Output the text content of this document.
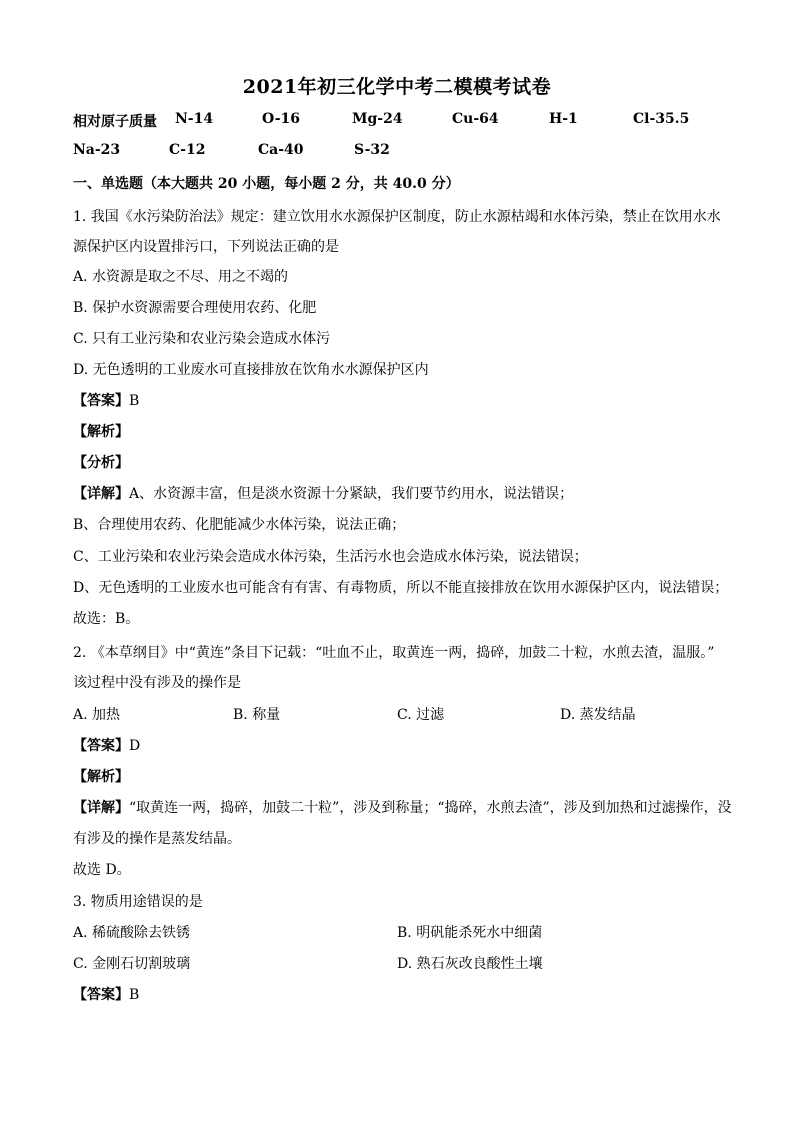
2021年初三化学中考二模模考试卷
相对原子质量 N-14	O-16	Mg-24	Cu-64	H-1	Cl-35.5
Na-23	C-12	Ca-40	S-32
一、单选题（本大题共 20 小题，每小题 2 分，共 40.0 分）
1. 我国《水污染防治法》规定：建立饮用水水源保护区制度，防止水源枯竭和水体污染，禁止在饮用水水
源保护区内设置排污口，下列说法正确的是
A. 水资源是取之不尽、用之不竭的
B. 保护水资源需要合理使用农药、化肥
C. 只有工业污染和农业污染会造成水体污
D. 无色透明的工业废水可直接排放在饮角水水源保护区内
【答案】B
【解析】
【分析】
【详解】A、水资源丰富，但是淡水资源十分紧缺，我们要节约用水，说法错误；
B、合理使用农药、化肥能减少水体污染，说法正确；
C、工业污染和农业污染会造成水体污染，生活污水也会造成水体污染，说法错误；
D、无色透明的工业废水也可能含有有害、有毒物质，所以不能直接排放在饮用水源保护区内，说法错误；
故选：B。
2. 《本草纲目》中“黄连”条目下记载：“吐血不止，取黄连一两，捣碎，加鼓二十粒，水煎去渣，温服。”
该过程中没有涉及的操作是
A. 加热	B. 称量	C. 过滤	D. 蒸发结晶
【答案】D
【解析】
【详解】“取黄连一两，捣碎，加鼓二十粒”，涉及到称量；“捣碎，水煎去渣”，涉及到加热和过滤操作，没
有涉及的操作是蒸发结晶。
故选 D。
3. 物质用途错误的是
A. 稀硫酸除去铁锈	B. 明矾能杀死水中细菌
C. 金刚石切割玻璃	D. 熟石灰改良酸性土壤
【答案】B
